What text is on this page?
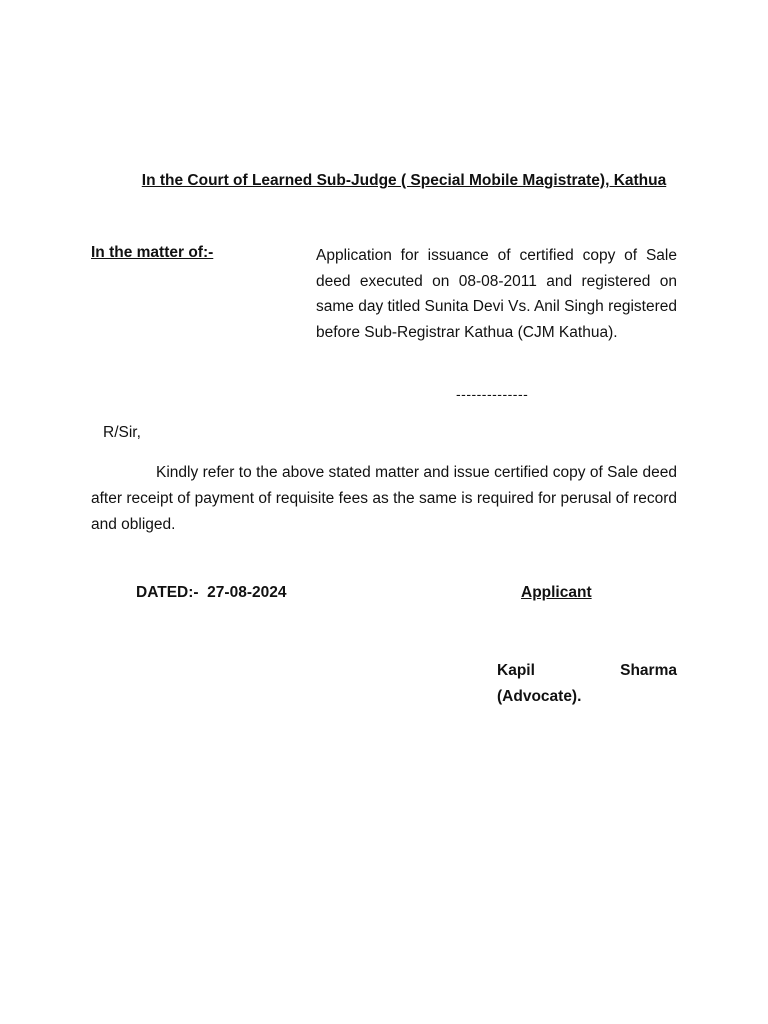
In the Court of Learned Sub-Judge ( Special Mobile Magistrate), Kathua
In the matter of:-	Application for issuance of certified copy of Sale deed executed on 08-08-2011 and registered on same day titled Sunita Devi Vs. Anil Singh registered before Sub-Registrar Kathua (CJM Kathua).
--------------
R/Sir,
Kindly refer to the above stated matter and issue certified copy of Sale deed after receipt of payment of requisite fees as the same is required for perusal of record and obliged.
DATED:-  27-08-2024	Applicant
Kapil	Sharma
(Advocate).
